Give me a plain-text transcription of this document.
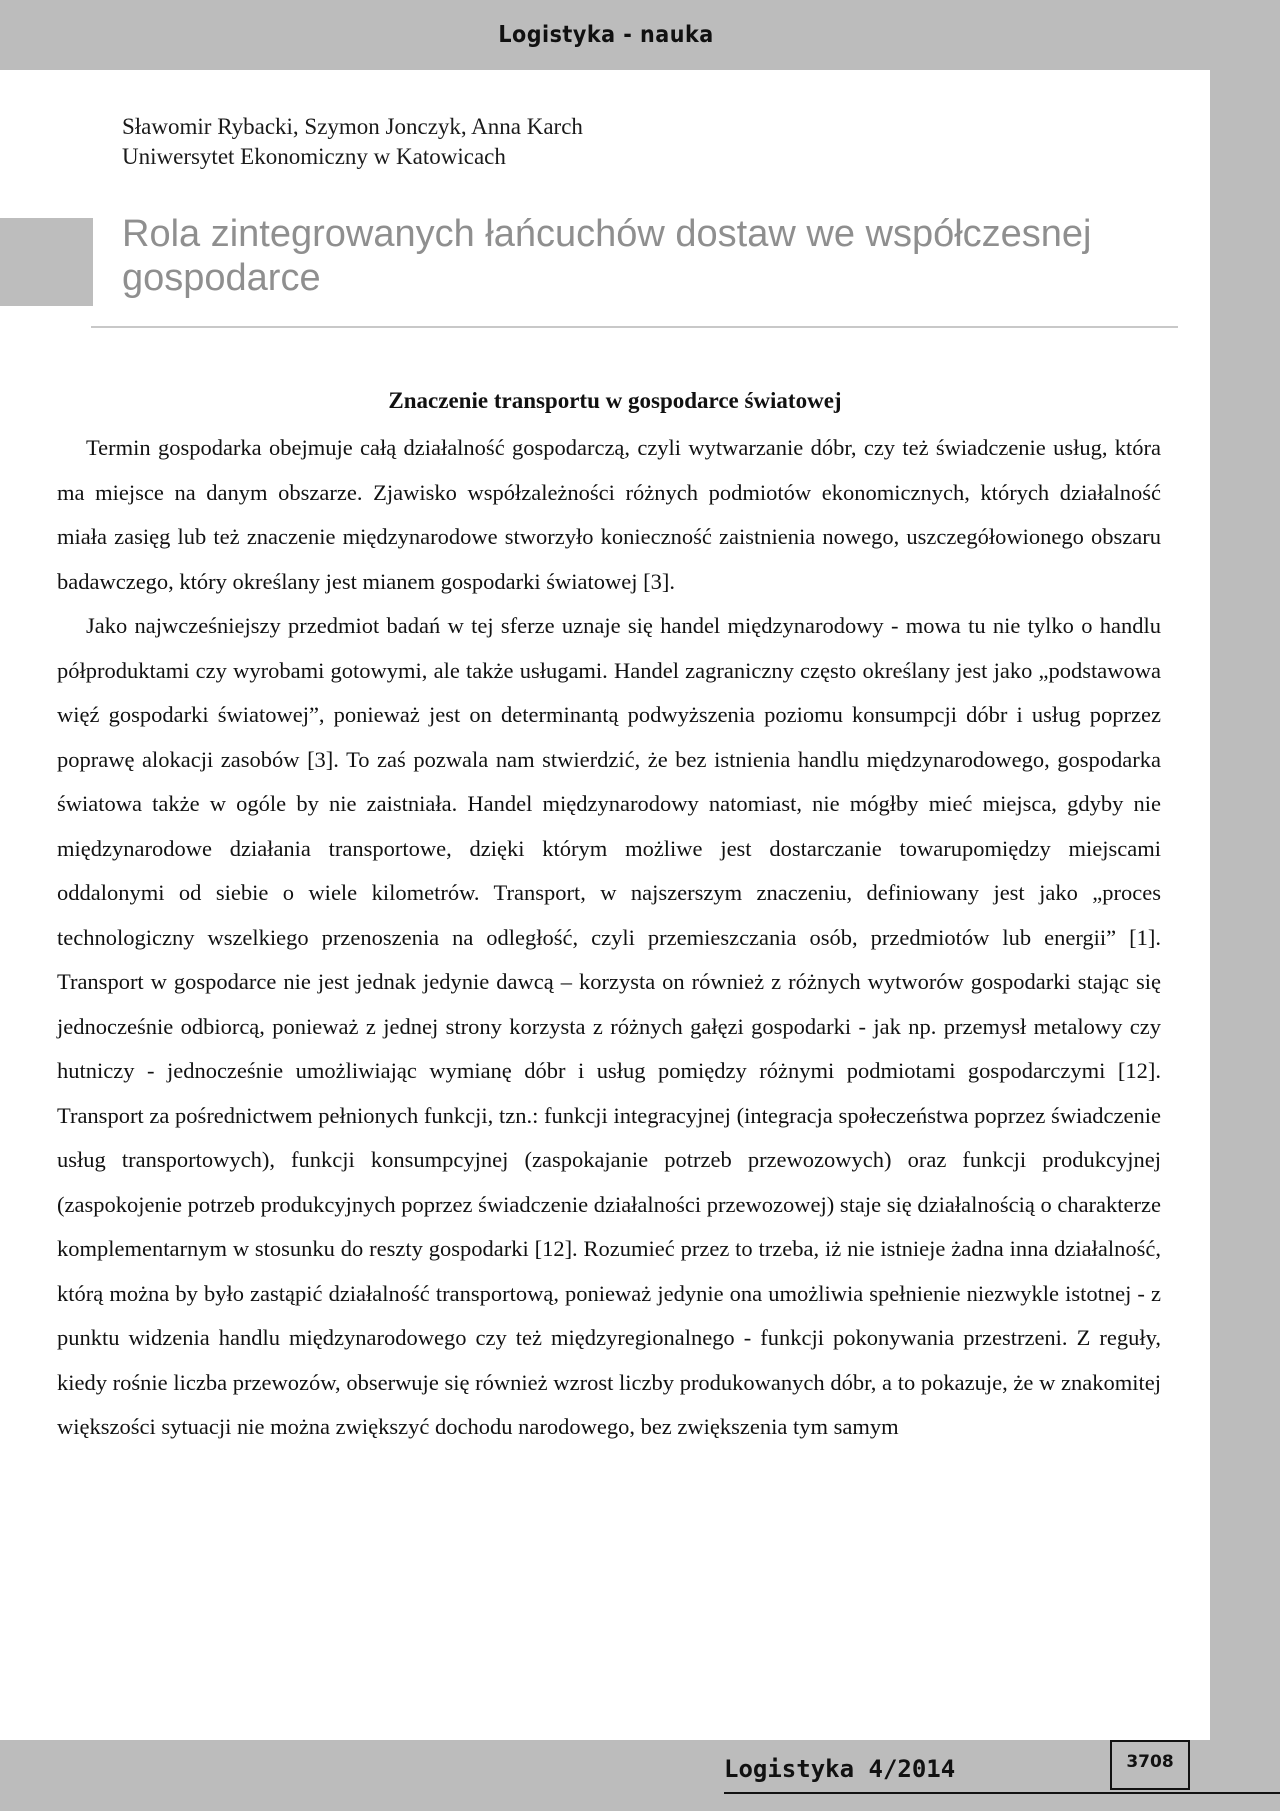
Logistyka - nauka
Sławomir Rybacki, Szymon Jonczyk, Anna Karch
Uniwersytet Ekonomiczny w Katowicach
Rola zintegrowanych łańcuchów dostaw we współczesnej gospodarce
Znaczenie transportu w gospodarce światowej

Termin gospodarka obejmuje całą działalność gospodarczą, czyli wytwarzanie dóbr, czy też świadczenie usług, która ma miejsce na danym obszarze. Zjawisko współzależności różnych podmiotów ekonomicznych, których działalność miała zasięg lub też znaczenie międzynarodowe stworzyło konieczność zaistnienia nowego, uszczegółowionego obszaru badawczego, który określany jest mianem gospodarki światowej [3].

Jako najwcześniejszy przedmiot badań w tej sferze uznaje się handel międzynarodowy - mowa tu nie tylko o handlu półproduktami czy wyrobami gotowymi, ale także usługami. Handel zagraniczny często określany jest jako „podstawowa więź gospodarki światowej”, ponieważ jest on determinantą podwyższenia poziomu konsumpcji dóbr i usług poprzez poprawę alokacji zasobów [3]. To zaś pozwala nam stwierdzić, że bez istnienia handlu międzynarodowego, gospodarka światowa także w ogóle by nie zaistniała. Handel międzynarodowy natomiast, nie mógłby mieć miejsca, gdyby nie międzynarodowe działania transportowe, dzięki którym możliwe jest dostarczanie towarupomiędzy miejscami oddalonymi od siebie o wiele kilometrów. Transport, w najszerszym znaczeniu, definiowany jest jako „proces technologiczny wszelkiego przenoszenia na odległość, czyli przemieszczania osób, przedmiotów lub energii” [1]. Transport w gospodarce nie jest jednak jedynie dawcą – korzysta on również z różnych wytworów gospodarki stając się jednocześnie odbiorcą, ponieważ z jednej strony korzysta z różnych gałęzi gospodarki - jak np. przemysł metalowy czy hutniczy - jednocześnie umożliwiając wymianę dóbr i usług pomiędzy różnymi podmiotami gospodarczymi [12]. Transport za pośrednictwem pełnionych funkcji, tzn.: funkcji integracyjnej (integracja społeczeństwa poprzez świadczenie usług transportowych), funkcji konsumpcyjnej (zaspokajanie potrzeb przewozowych) oraz funkcji produkcyjnej (zaspokojenie potrzeb produkcyjnych poprzez świadczenie działalności przewozowej) staje się działalnością o charakterze komplementarnym w stosunku do reszty gospodarki [12]. Rozumieć przez to trzeba, iż nie istnieje żadna inna działalność, którą można by było zastąpić działalność transportową, ponieważ jedynie ona umożliwia spełnienie niezwykle istotnej - z punktu widzenia handlu międzynarodowego czy też międzyregionalnego - funkcji pokonywania przestrzeni. Z reguły, kiedy rośnie liczba przewozów, obserwuje się również wzrost liczby produkowanych dóbr, a to pokazuje, że w znakomitej większości sytuacji nie można zwiększyć dochodu narodowego, bez zwiększenia tym samym

Logistyka 4/2014	3708
